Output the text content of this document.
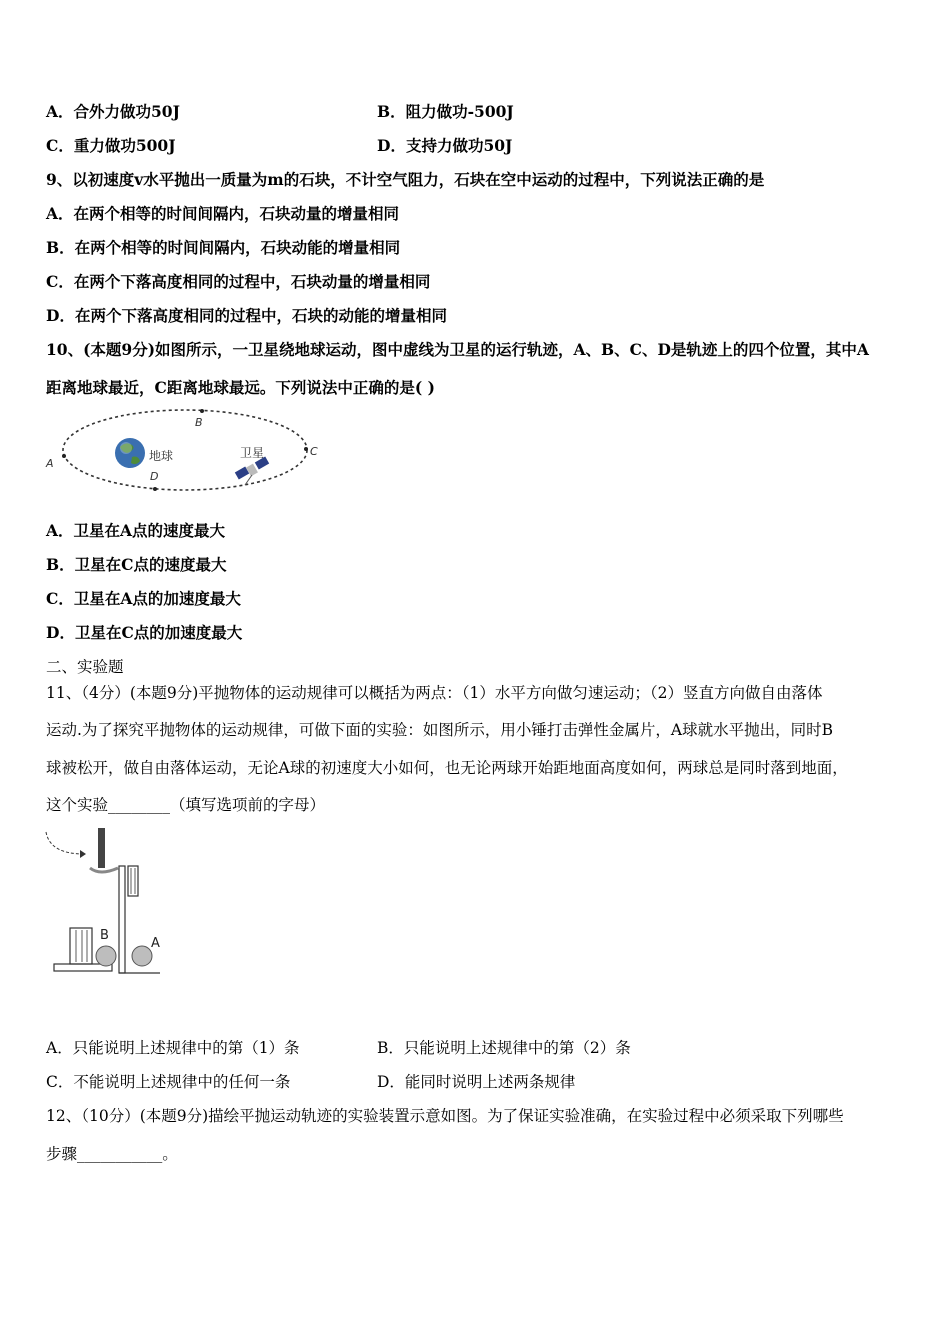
A．合外力做功50J	B．阻力做功-500J
C．重力做功500J	D．支持力做功50J
9、以初速度v水平抛出一质量为m的石块，不计空气阻力，石块在空中运动的过程中，下列说法正确的是
A．在两个相等的时间间隔内，石块动量的增量相同
B．在两个相等的时间间隔内，石块动能的增量相同
C．在两个下落高度相同的过程中，石块动量的增量相同
D．在两个下落高度相同的过程中，石块的动能的增量相同
10、(本题9分)如图所示，一卫星绕地球运动，图中虚线为卫星的运行轨迹，A、B、C、D是轨迹上的四个位置，其中A
距离地球最近，C距离地球最远。下列说法中正确的是( )
A
B
C
D
地球	卫星
A．卫星在A点的速度最大
B．卫星在C点的速度最大
C．卫星在A点的加速度最大
D．卫星在C点的加速度最大
二、实验题
11、（4分）(本题9分)平抛物体的运动规律可以概括为两点：（1）水平方向做匀速运动；（2）竖直方向做自由落体
运动.为了探究平抛物体的运动规律，可做下面的实验：如图所示，用小锤打击弹性金属片，A球就水平抛出，同时B
球被松开，做自由落体运动，无论A球的初速度大小如何，也无论两球开始距地面高度如何，两球总是同时落到地面，
这个实验________（填写选项前的字母）
B
A
A．只能说明上述规律中的第（1）条	B．只能说明上述规律中的第（2）条
C．不能说明上述规律中的任何一条	D．能同时说明上述两条规律
12、（10分）(本题9分)描绘平抛运动轨迹的实验装置示意如图。为了保证实验准确，在实验过程中必须采取下列哪些
步骤___________。
